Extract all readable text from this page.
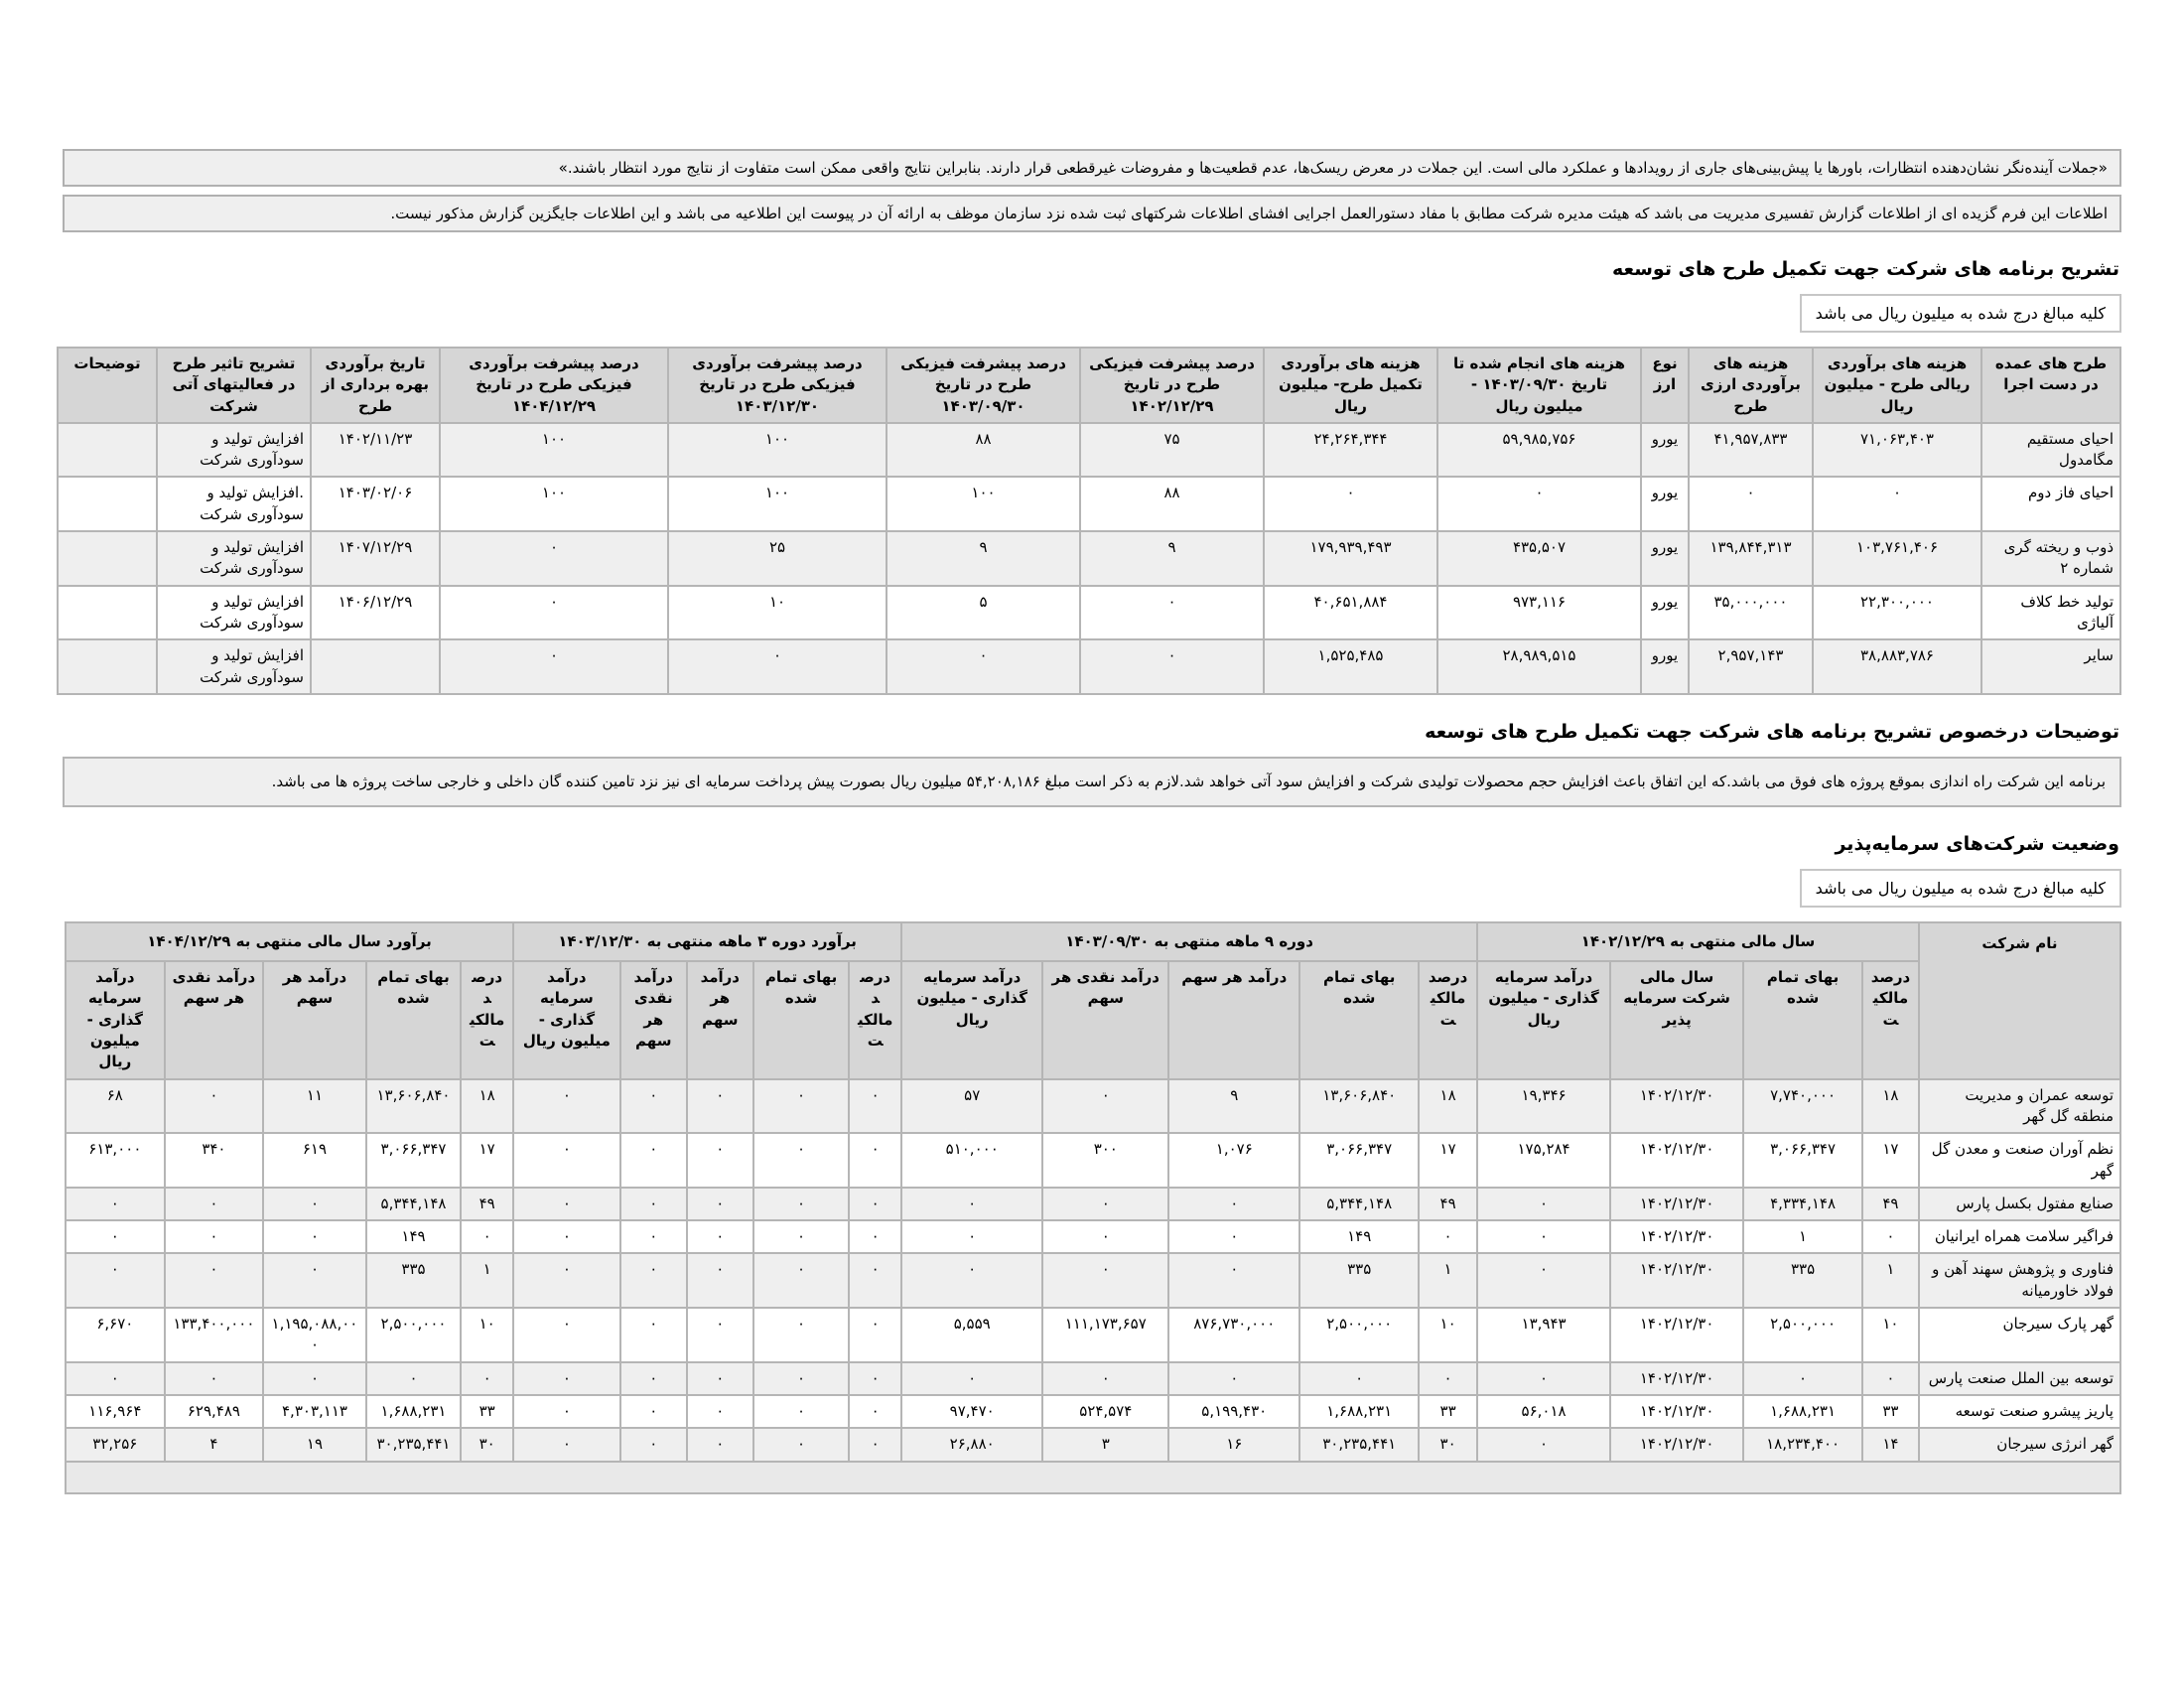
«جملات آینده‌نگر نشان‌دهنده انتظارات، باورها یا پیش‌بینی‌های جاری از رویدادها و عملکرد مالی است. این جملات در معرض ریسک‌ها، عدم قطعیت‌ها و مفروضات غیرقطعی قرار دارند. بنابراین نتایج واقعی ممکن است متفاوت از نتایج مورد انتظار باشند.»
اطلاعات این فرم گزیده ای از اطلاعات گزارش تفسیری مدیریت می باشد که هیئت مدیره شرکت مطابق با مفاد دستورالعمل اجرایی افشای اطلاعات شرکتهای ثبت شده نزد سازمان موظف به ارائه آن در پیوست این اطلاعیه می باشد و این اطلاعات جایگزین گزارش مذکور نیست.
تشریح برنامه های شرکت جهت تکمیل طرح های توسعه
کلیه مبالغ درج شده به میلیون ریال می باشد
طرح های عمده در دست اجرا	هزینه های برآوردی ریالی طرح - میلیون ریال	هزینه های برآوردی ارزی طرح	نوع ارز	هزینه های انجام شده تا تاریخ ۱۴۰۳/۰۹/۳۰ - میلیون ریال	هزینه های برآوردی تکمیل طرح- میلیون ریال	درصد پیشرفت فیزیکی طرح در تاریخ ۱۴۰۲/۱۲/۲۹	درصد پیشرفت فیزیکی طرح در تاریخ ۱۴۰۳/۰۹/۳۰	درصد پیشرفت برآوردی فیزیکی طرح در تاریخ ۱۴۰۳/۱۲/۳۰	درصد پیشرفت برآوردی فیزیکی طرح در تاریخ ۱۴۰۴/۱۲/۲۹	تاریخ برآوردی بهره برداری از طرح	تشریح تاثیر طرح در فعالیتهای آتی شرکت	توضیحات
احیای مستقیم مگامدول	۷۱,۰۶۳,۴۰۳	۴۱,۹۵۷,۸۳۳	یورو	۵۹,۹۸۵,۷۵۶	۲۴,۲۶۴,۳۴۴	۷۵	۸۸	۱۰۰	۱۰۰	۱۴۰۲/۱۱/۲۳	افزایش تولید و سودآوری شرکت	
احیای فاز دوم	۰	۰	یورو	۰	۰	۸۸	۱۰۰	۱۰۰	۱۰۰	۱۴۰۳/۰۲/۰۶	.افزایش تولید و سودآوری شرکت	
ذوب و ریخته گری شماره ۲	۱۰۳,۷۶۱,۴۰۶	۱۳۹,۸۴۴,۳۱۳	یورو	۴۳۵,۵۰۷	۱۷۹,۹۳۹,۴۹۳	۹	۹	۲۵	۰	۱۴۰۷/۱۲/۲۹	افزایش تولید و سودآوری شرکت	
تولید خط کلاف آلیاژی	۲۲,۳۰۰,۰۰۰	۳۵,۰۰۰,۰۰۰	یورو	۹۷۳,۱۱۶	۴۰,۶۵۱,۸۸۴	۰	۵	۱۰	۰	۱۴۰۶/۱۲/۲۹	افزایش تولید و سودآوری شرکت	
سایر	۳۸,۸۸۳,۷۸۶	۲,۹۵۷,۱۴۳	یورو	۲۸,۹۸۹,۵۱۵	۱,۵۲۵,۴۸۵	۰	۰	۰	۰		افزایش تولید و سودآوری شرکت	
توضیحات درخصوص تشریح برنامه های شرکت جهت تکمیل طرح های توسعه
برنامه این شرکت راه اندازی بموقع پروژه های فوق می باشد.که این اتفاق باعث افزایش حجم محصولات تولیدی شرکت و افزایش سود آتی خواهد شد.لازم به ذکر است مبلغ ۵۴,۲۰۸,۱۸۶ میلیون ریال بصورت پیش پرداخت سرمایه ای نیز نزد تامین کننده گان داخلی و خارجی ساخت پروژه ها می باشد.
وضعیت شرکت‌های سرمایه‌پذیر
کلیه مبالغ درج شده به میلیون ریال می باشد
نام شرکت	سال مالی منتهی به ۱۴۰۲/۱۲/۲۹				دوره ۹ ماهه منتهی به ۱۴۰۳/۰۹/۳۰					برآورد دوره ۳ ماهه منتهی به ۱۴۰۳/۱۲/۳۰					برآورد سال مالی منتهی به ۱۴۰۴/۱۲/۲۹				
	درصد مالکیت	بهای تمام شده	سال مالی شرکت سرمایه پذیر	درآمد سرمایه گذاری - میلیون ریال	درصد مالکیت	بهای تمام شده	درآمد هر سهم	درآمد نقدی هر سهم	درآمد سرمایه گذاری - میلیون ریال	درصد مالکیت	بهای تمام شده	درآمد هر سهم	درآمد نقدی هر سهم	درآمد سرمایه گذاری - میلیون ریال	درصد مالکیت	بهای تمام شده	درآمد هر سهم	درآمد نقدی هر سهم	درآمد سرمایه گذاری - میلیون ریال
توسعه عمران و مدیریت منطقه گل گهر	۱۸	۷,۷۴۰,۰۰۰	۱۴۰۲/۱۲/۳۰	۱۹,۳۴۶	۱۸	۱۳,۶۰۶,۸۴۰	۹	۰	۵۷	۰	۰	۰	۰	۰	۱۸	۱۳,۶۰۶,۸۴۰	۱۱	۰	۶۸
نظم آوران صنعت و معدن گل گهر	۱۷	۳,۰۶۶,۳۴۷	۱۴۰۲/۱۲/۳۰	۱۷۵,۲۸۴	۱۷	۳,۰۶۶,۳۴۷	۱,۰۷۶	۳۰۰	۵۱۰,۰۰۰	۰	۰	۰	۰	۰	۱۷	۳,۰۶۶,۳۴۷	۶۱۹	۳۴۰	۶۱۳,۰۰۰
صنایع مفتول بکسل پارس	۴۹	۴,۳۳۴,۱۴۸	۱۴۰۲/۱۲/۳۰	۰	۴۹	۵,۳۴۴,۱۴۸	۰	۰	۰	۰	۰	۰	۰	۰	۴۹	۵,۳۴۴,۱۴۸	۰	۰	۰
فراگیر سلامت همراه ایرانیان	۰	۱	۱۴۰۲/۱۲/۳۰	۰	۰	۱۴۹	۰	۰	۰	۰	۰	۰	۰	۰	۰	۱۴۹	۰	۰	۰
فناوری و پژوهش سهند آهن و فولاد خاورمیانه	۱	۳۳۵	۱۴۰۲/۱۲/۳۰	۰	۱	۳۳۵	۰	۰	۰	۰	۰	۰	۰	۰	۱	۳۳۵	۰	۰	۰
گهر پارک سیرجان	۱۰	۲,۵۰۰,۰۰۰	۱۴۰۲/۱۲/۳۰	۱۳,۹۴۳	۱۰	۲,۵۰۰,۰۰۰	۸۷۶,۷۳۰,۰۰۰	۱۱۱,۱۷۳,۶۵۷	۵,۵۵۹	۰	۰	۰	۰	۰	۱۰	۲,۵۰۰,۰۰۰	۱,۱۹۵,۰۸۸,۰۰۰	۱۳۳,۴۰۰,۰۰۰	۶,۶۷۰
توسعه بین الملل صنعت پارس	۰	۰	۱۴۰۲/۱۲/۳۰	۰	۰	۰	۰	۰	۰	۰	۰	۰	۰	۰	۰	۰	۰	۰	۰
پاریز پیشرو صنعت توسعه	۳۳	۱,۶۸۸,۲۳۱	۱۴۰۲/۱۲/۳۰	۵۶,۰۱۸	۳۳	۱,۶۸۸,۲۳۱	۵,۱۹۹,۴۳۰	۵۲۴,۵۷۴	۹۷,۴۷۰	۰	۰	۰	۰	۰	۳۳	۱,۶۸۸,۲۳۱	۴,۳۰۳,۱۱۳	۶۲۹,۴۸۹	۱۱۶,۹۶۴
گهر انرژی سیرجان	۱۴	۱۸,۲۳۴,۴۰۰	۱۴۰۲/۱۲/۳۰	۰	۳۰	۳۰,۲۳۵,۴۴۱	۱۶	۳	۲۶,۸۸۰	۰	۰	۰	۰	۰	۳۰	۳۰,۲۳۵,۴۴۱	۱۹	۴	۳۲,۲۵۶
